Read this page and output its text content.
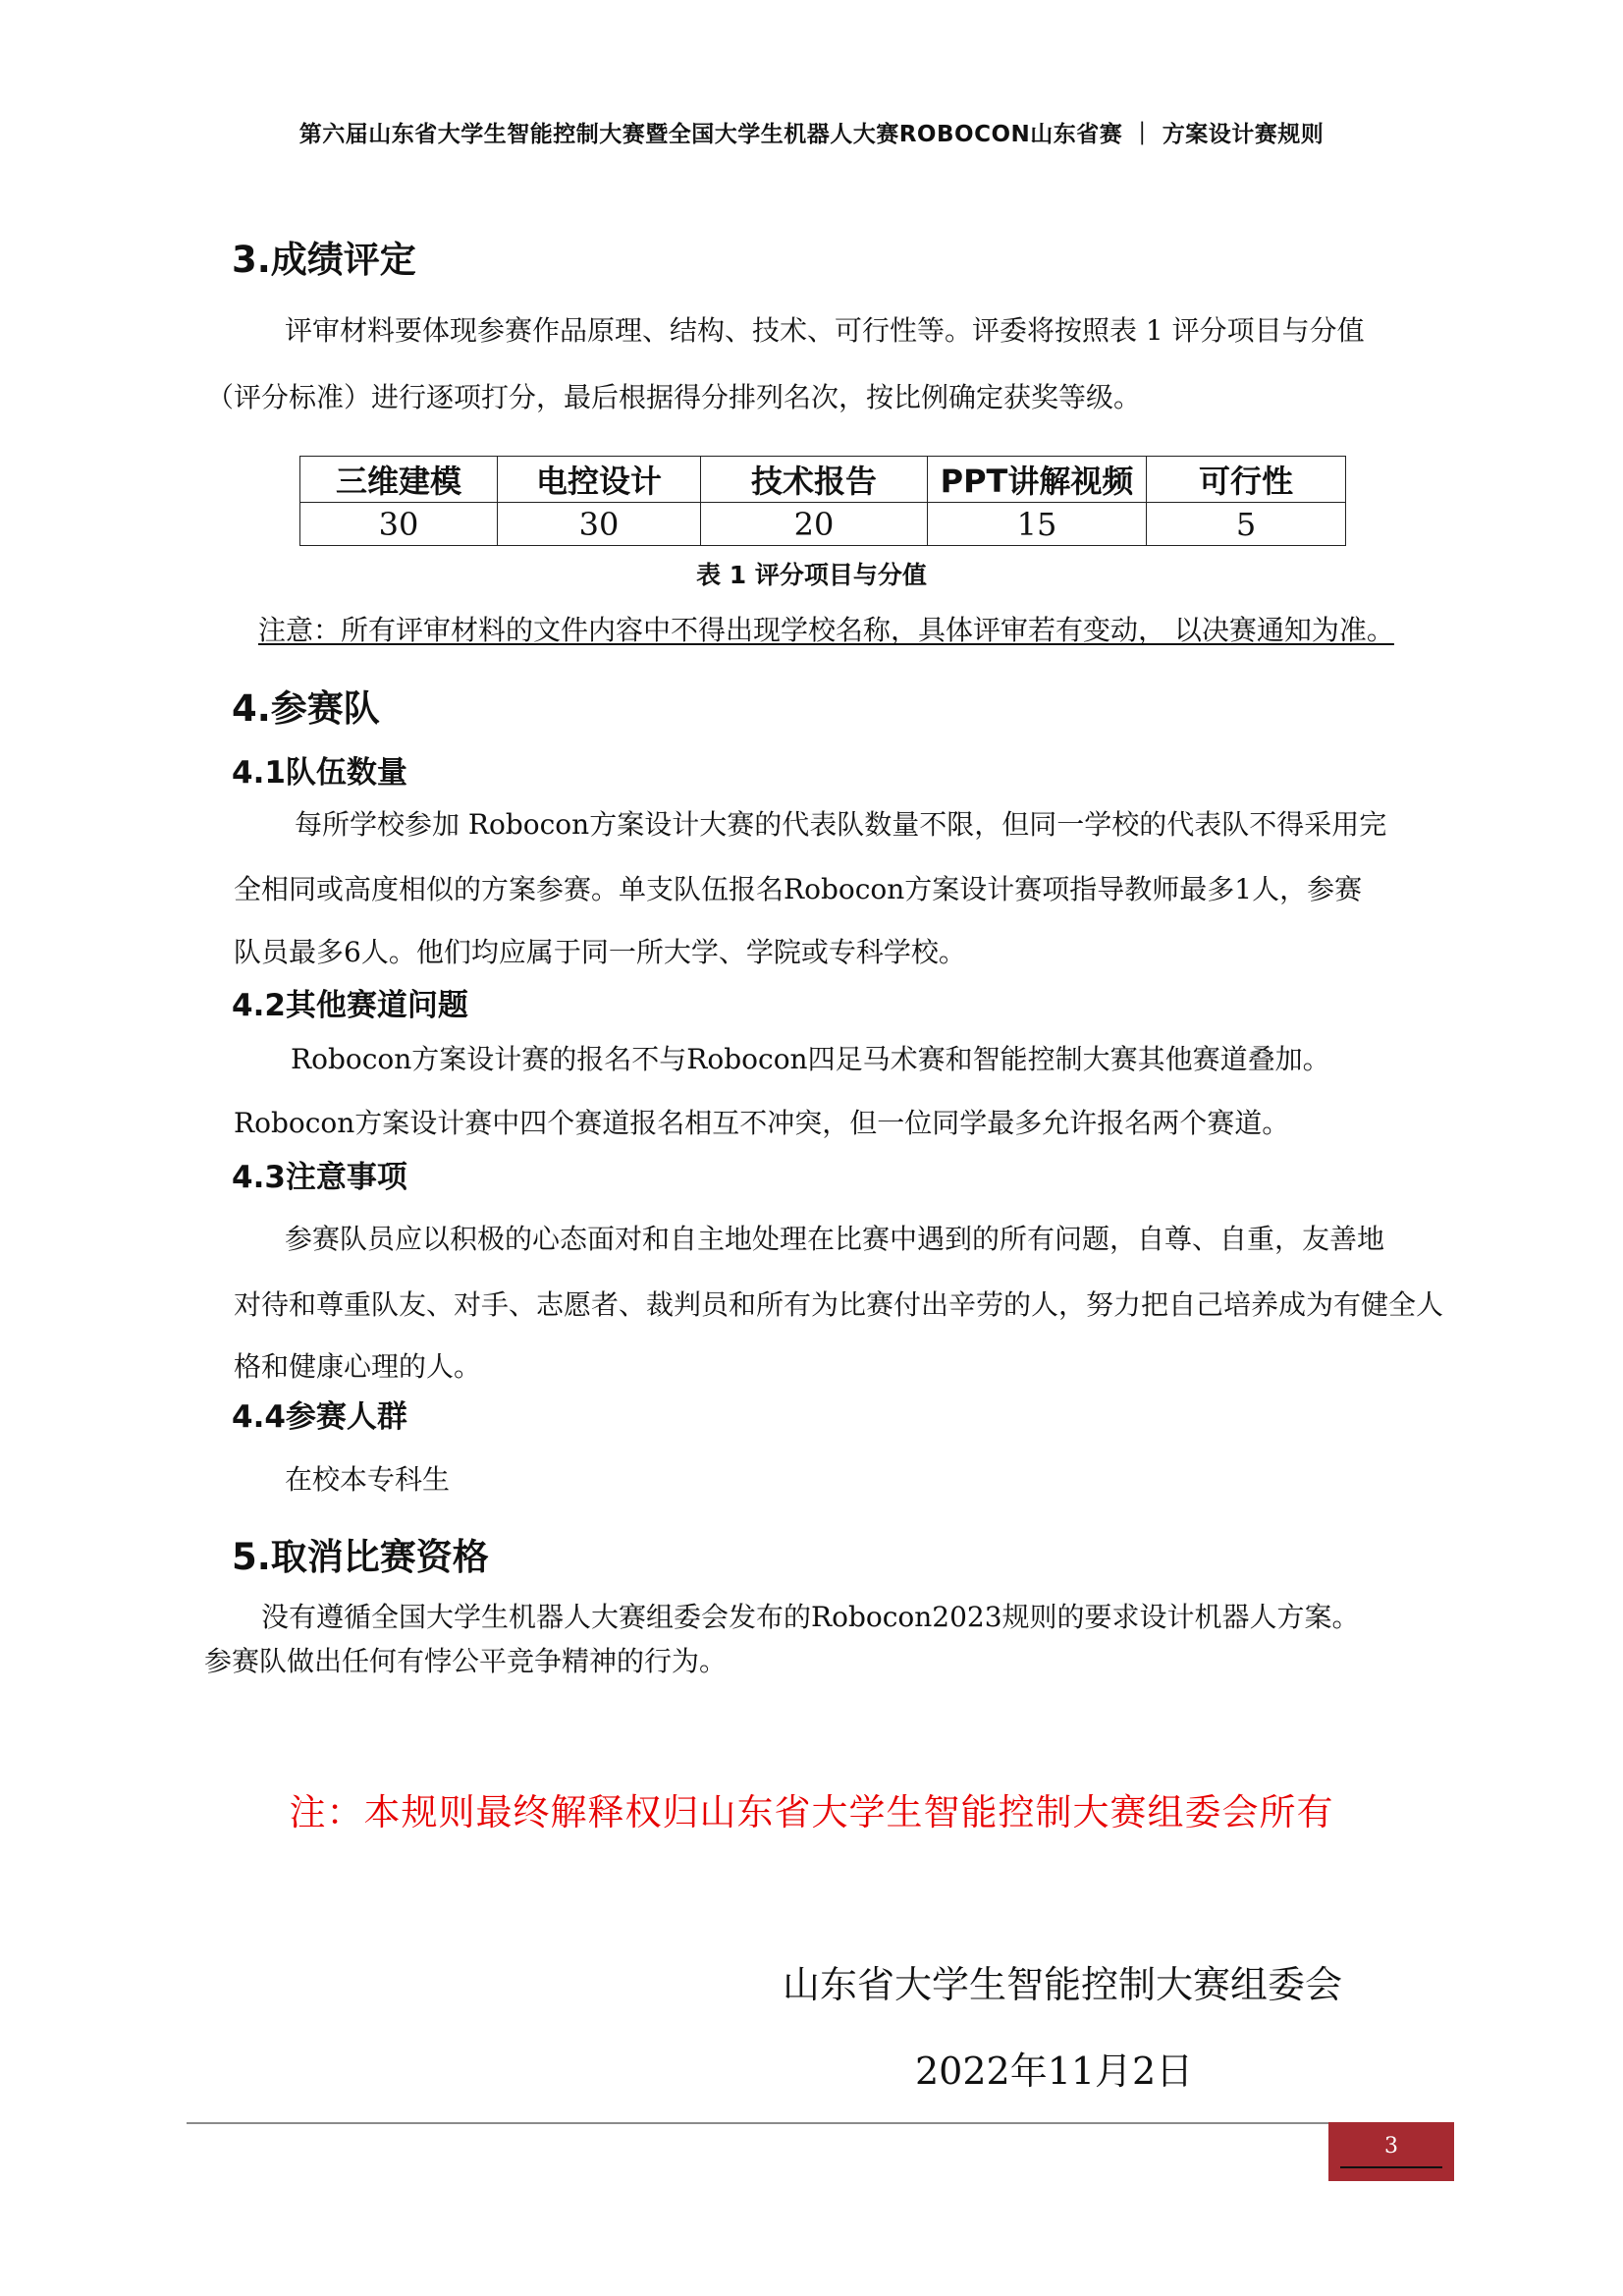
第六届山东省大学生智能控制大赛暨全国大学生机器人大赛ROBOCON山东省赛 ｜ 方案设计赛规则
3.成绩评定
评审材料要体现参赛作品原理、结构、技术、可行性等。评委将按照表 1 评分项目与分值
（评分标准）进行逐项打分，最后根据得分排列名次，按比例确定获奖等级。
三维建模	电控设计	技术报告	PPT讲解视频	可行性
30	30	20	15	5
表 1 评分项目与分值
注意：所有评审材料的文件内容中不得出现学校名称，具体评审若有变动， 以决赛通知为准。
4.参赛队
4.1队伍数量
每所学校参加 Robocon方案设计大赛的代表队数量不限，但同一学校的代表队不得采用完
全相同或高度相似的方案参赛。单支队伍报名Robocon方案设计赛项指导教师最多1人，参赛
队员最多6人。他们均应属于同一所大学、学院或专科学校。
4.2其他赛道问题
Robocon方案设计赛的报名不与Robocon四足马术赛和智能控制大赛其他赛道叠加。
Robocon方案设计赛中四个赛道报名相互不冲突，但一位同学最多允许报名两个赛道。
4.3注意事项
参赛队员应以积极的心态面对和自主地处理在比赛中遇到的所有问题，自尊、自重，友善地
对待和尊重队友、对手、志愿者、裁判员和所有为比赛付出辛劳的人，努力把自己培养成为有健全人
格和健康心理的人。
4.4参赛人群
在校本专科生
5.取消比赛资格
没有遵循全国大学生机器人大赛组委会发布的Robocon2023规则的要求设计机器人方案。
参赛队做出任何有悖公平竞争精神的行为。
注：本规则最终解释权归山东省大学生智能控制大赛组委会所有
山东省大学生智能控制大赛组委会
2022年11月2日
3
